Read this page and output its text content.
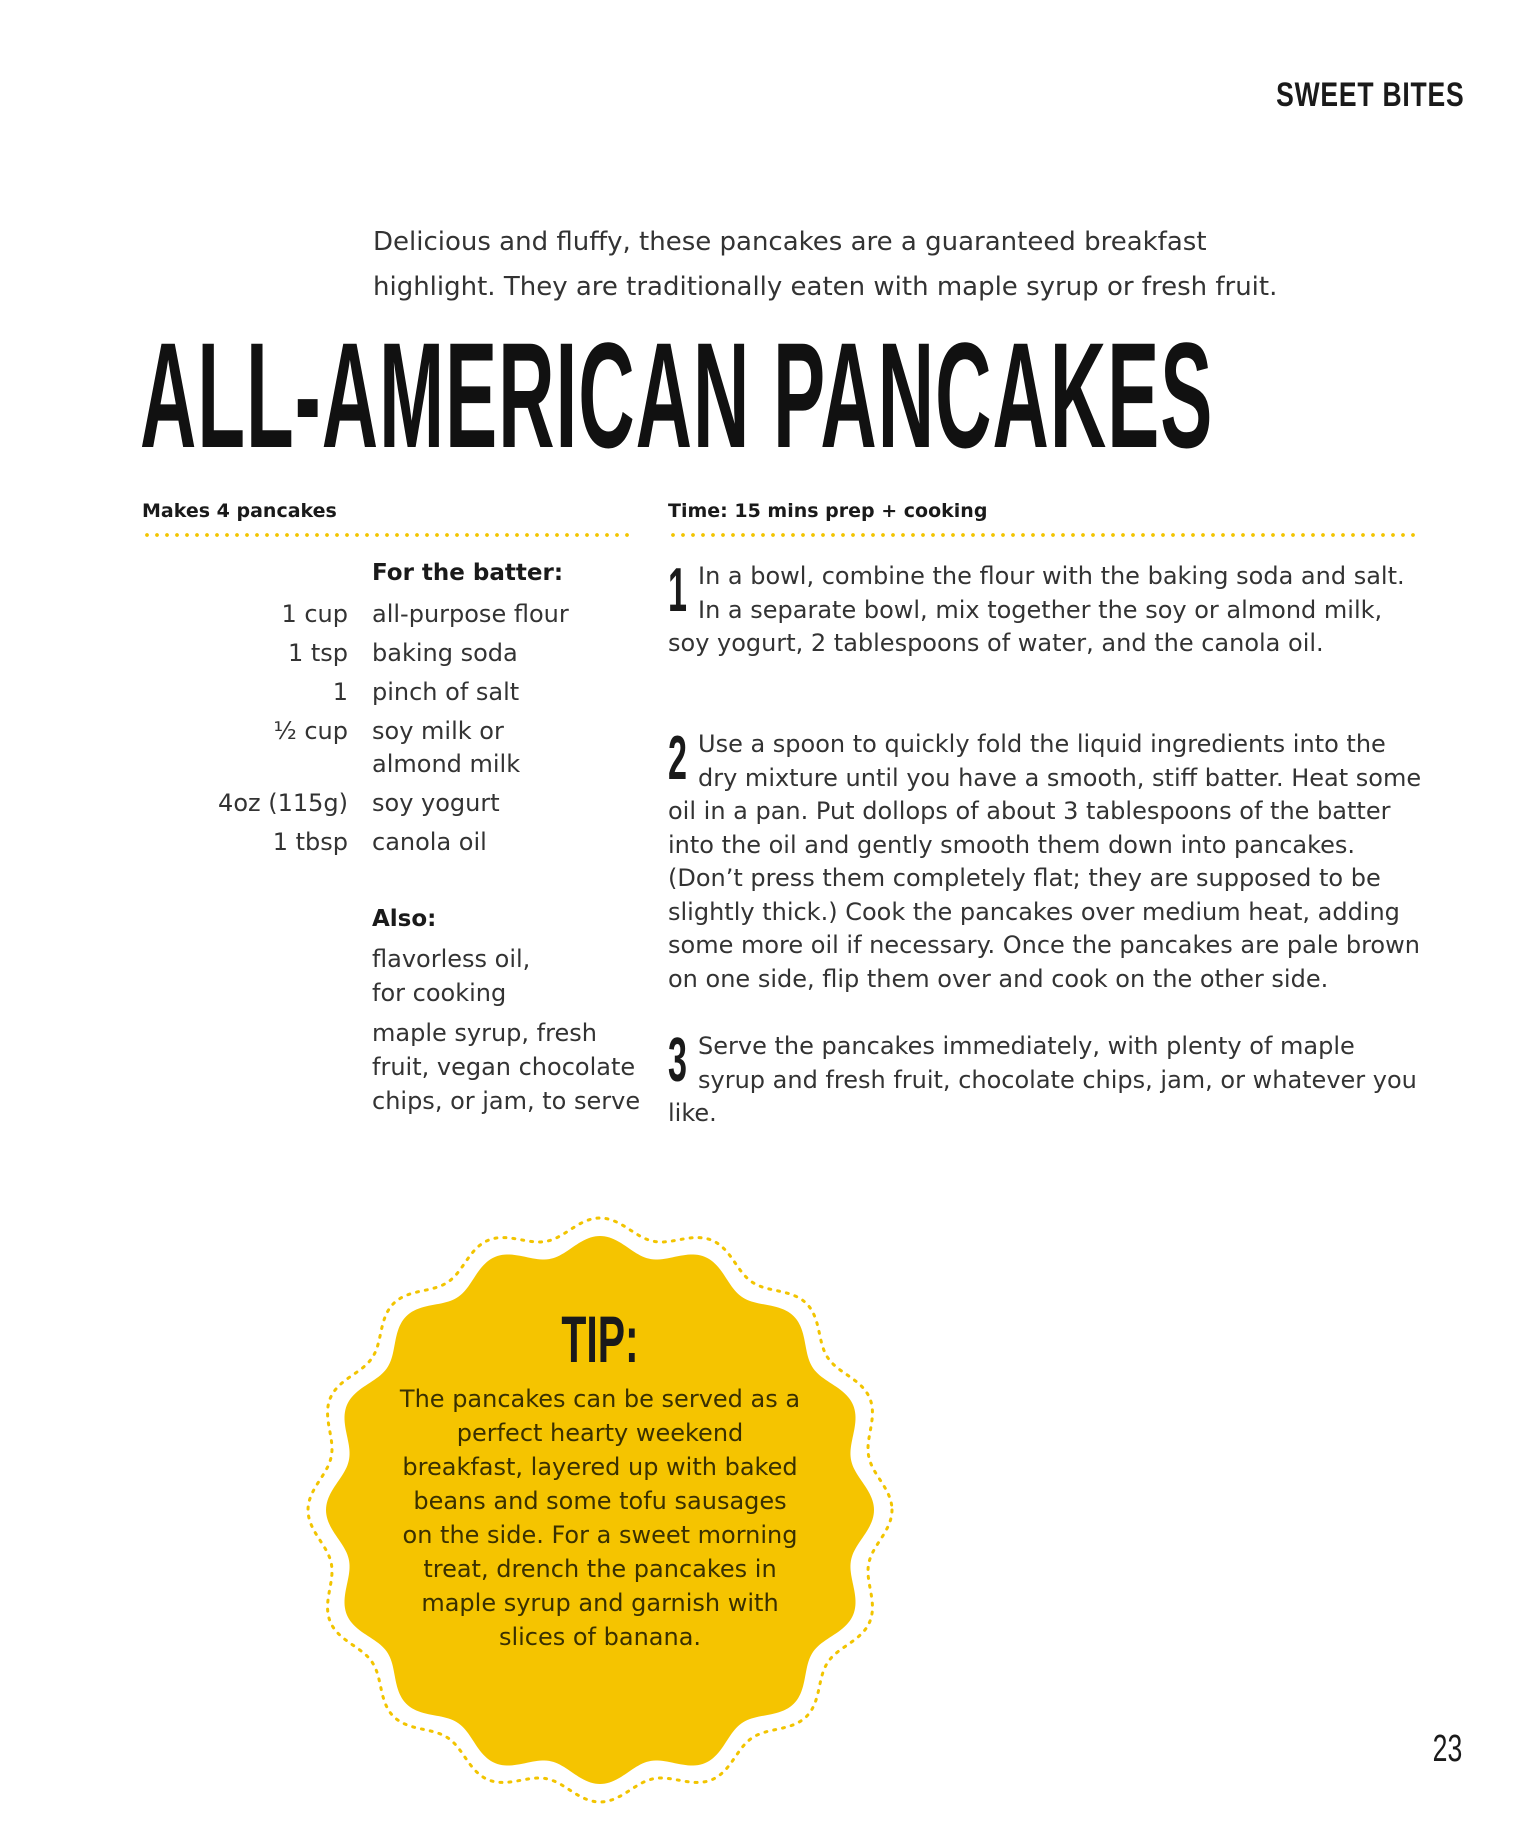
SWEET BITES
Delicious and fluffy, these pancakes are a guaranteed breakfast highlight. They are traditionally eaten with maple syrup or fresh fruit.
ALL-AMERICAN PANCAKES
Makes 4 pancakes	Time: 15 mins prep + cooking
For the batter:
1 cup all-purpose flour
1 tsp baking soda
1 pinch of salt
½ cup soy milk or almond milk
4oz (115g) soy yogurt
1 tbsp canola oil
Also:
flavorless oil, for cooking
maple syrup, fresh fruit, vegan chocolate chips, or jam, to serve
1 In a bowl, combine the flour with the baking soda and salt. In a separate bowl, mix together the soy or almond milk, soy yogurt, 2 tablespoons of water, and the canola oil.
2 Use a spoon to quickly fold the liquid ingredients into the dry mixture until you have a smooth, stiff batter. Heat some oil in a pan. Put dollops of about 3 tablespoons of the batter into the oil and gently smooth them down into pancakes. (Don’t press them completely flat; they are supposed to be slightly thick.) Cook the pancakes over medium heat, adding some more oil if necessary. Once the pancakes are pale brown on one side, flip them over and cook on the other side.
3 Serve the pancakes immediately, with plenty of maple syrup and fresh fruit, chocolate chips, jam, or whatever you like.
TIP:
The pancakes can be served as a perfect hearty weekend breakfast, layered up with baked beans and some tofu sausages on the side. For a sweet morning treat, drench the pancakes in maple syrup and garnish with slices of banana.
23
